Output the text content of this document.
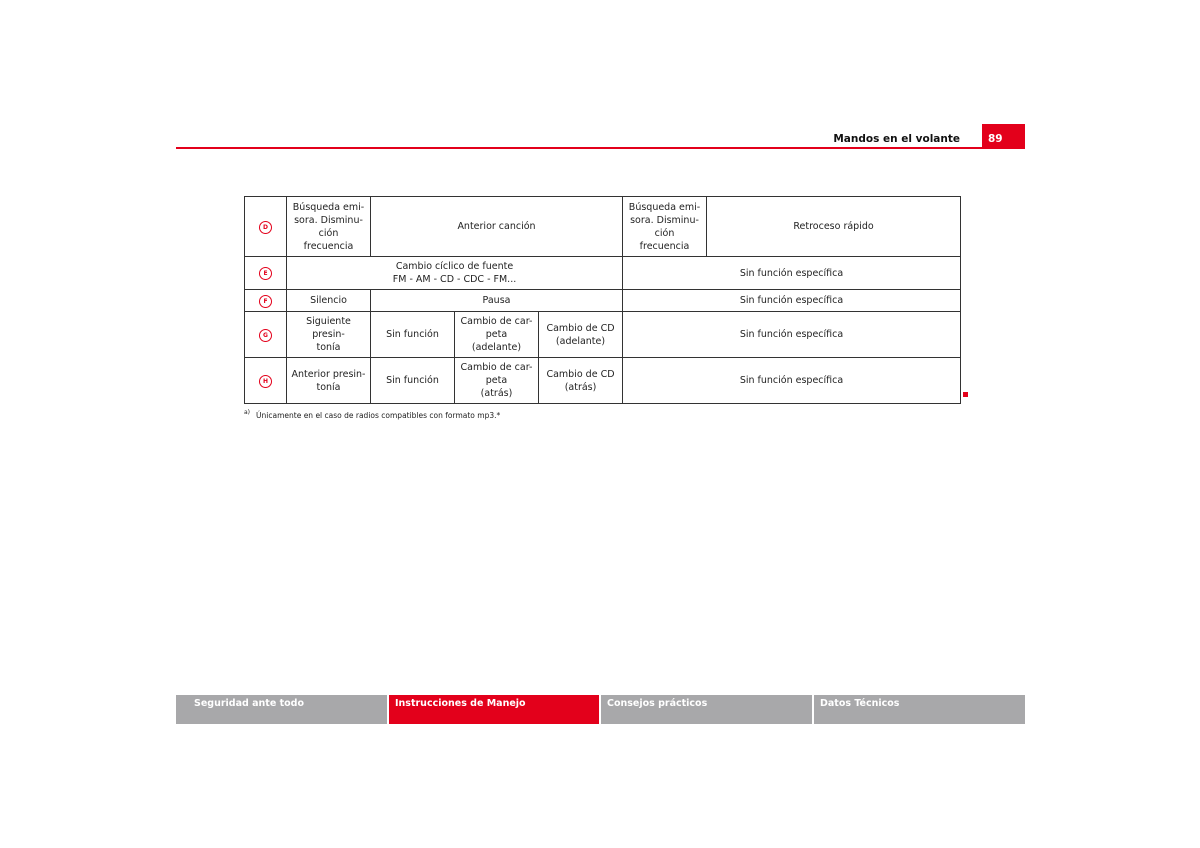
Mandos en el volante	89
D	Búsqueda emi-
sora. Disminu-
ción
frecuencia	Anterior canción			Búsqueda emi-
sora. Disminu-
ción
frecuencia	Retroceso rápido
E	Cambio cíclico de fuente
FM - AM - CD - CDC - FM...				Sin función específica	
F	Silencio	Pausa			Sin función específica	
G	Siguiente presin-
tonía	Sin función	Cambio de car-
peta
(adelante)	Cambio de CD
(adelante)	Sin función específica	
H	Anterior presin-
tonía	Sin función	Cambio de car-
peta
(atrás)	Cambio de CD
(atrás)	Sin función específica	
$^{a)}$ Únicamente en el caso de radios compatibles con formato mp3.*
Seguridad ante todo	Instrucciones de Manejo	Consejos prácticos	Datos Técnicos
